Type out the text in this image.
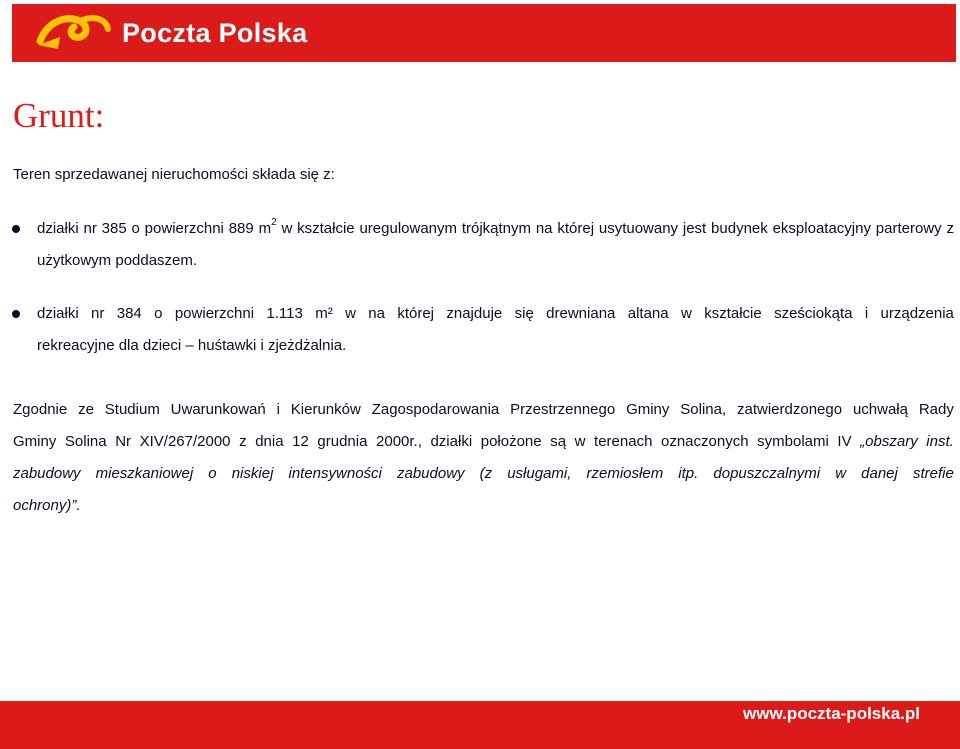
Poczta Polska
Grunt:
Teren sprzedawanej nieruchomości składa się z:
działki nr 385 o powierzchni 889 $m^2$ w kształcie uregulowanym trójkątnym na której usytuowany jest budynek eksploatacyjny parterowy z użytkowym poddaszem.
działki nr 384 o powierzchni 1.113 m² w na której znajduje się drewniana altana w kształcie sześciokąta i urządzenia
rekreacyjne dla dzieci – huśtawki i zjeżdżalnia.
Zgodnie ze Studium Uwarunkowań i Kierunków Zagospodarowania Przestrzennego Gminy Solina, zatwierdzonego uchwałą Rady
Gminy Solina Nr XIV/267/2000 z dnia 12 grudnia 2000r., działki położone są w terenach oznaczonych symbolami IV „obszary inst.
zabudowy mieszkaniowej o niskiej intensywności zabudowy (z usługami, rzemiosłem itp. dopuszczalnymi w danej strefie
ochrony)”.
www.poczta-polska.pl
